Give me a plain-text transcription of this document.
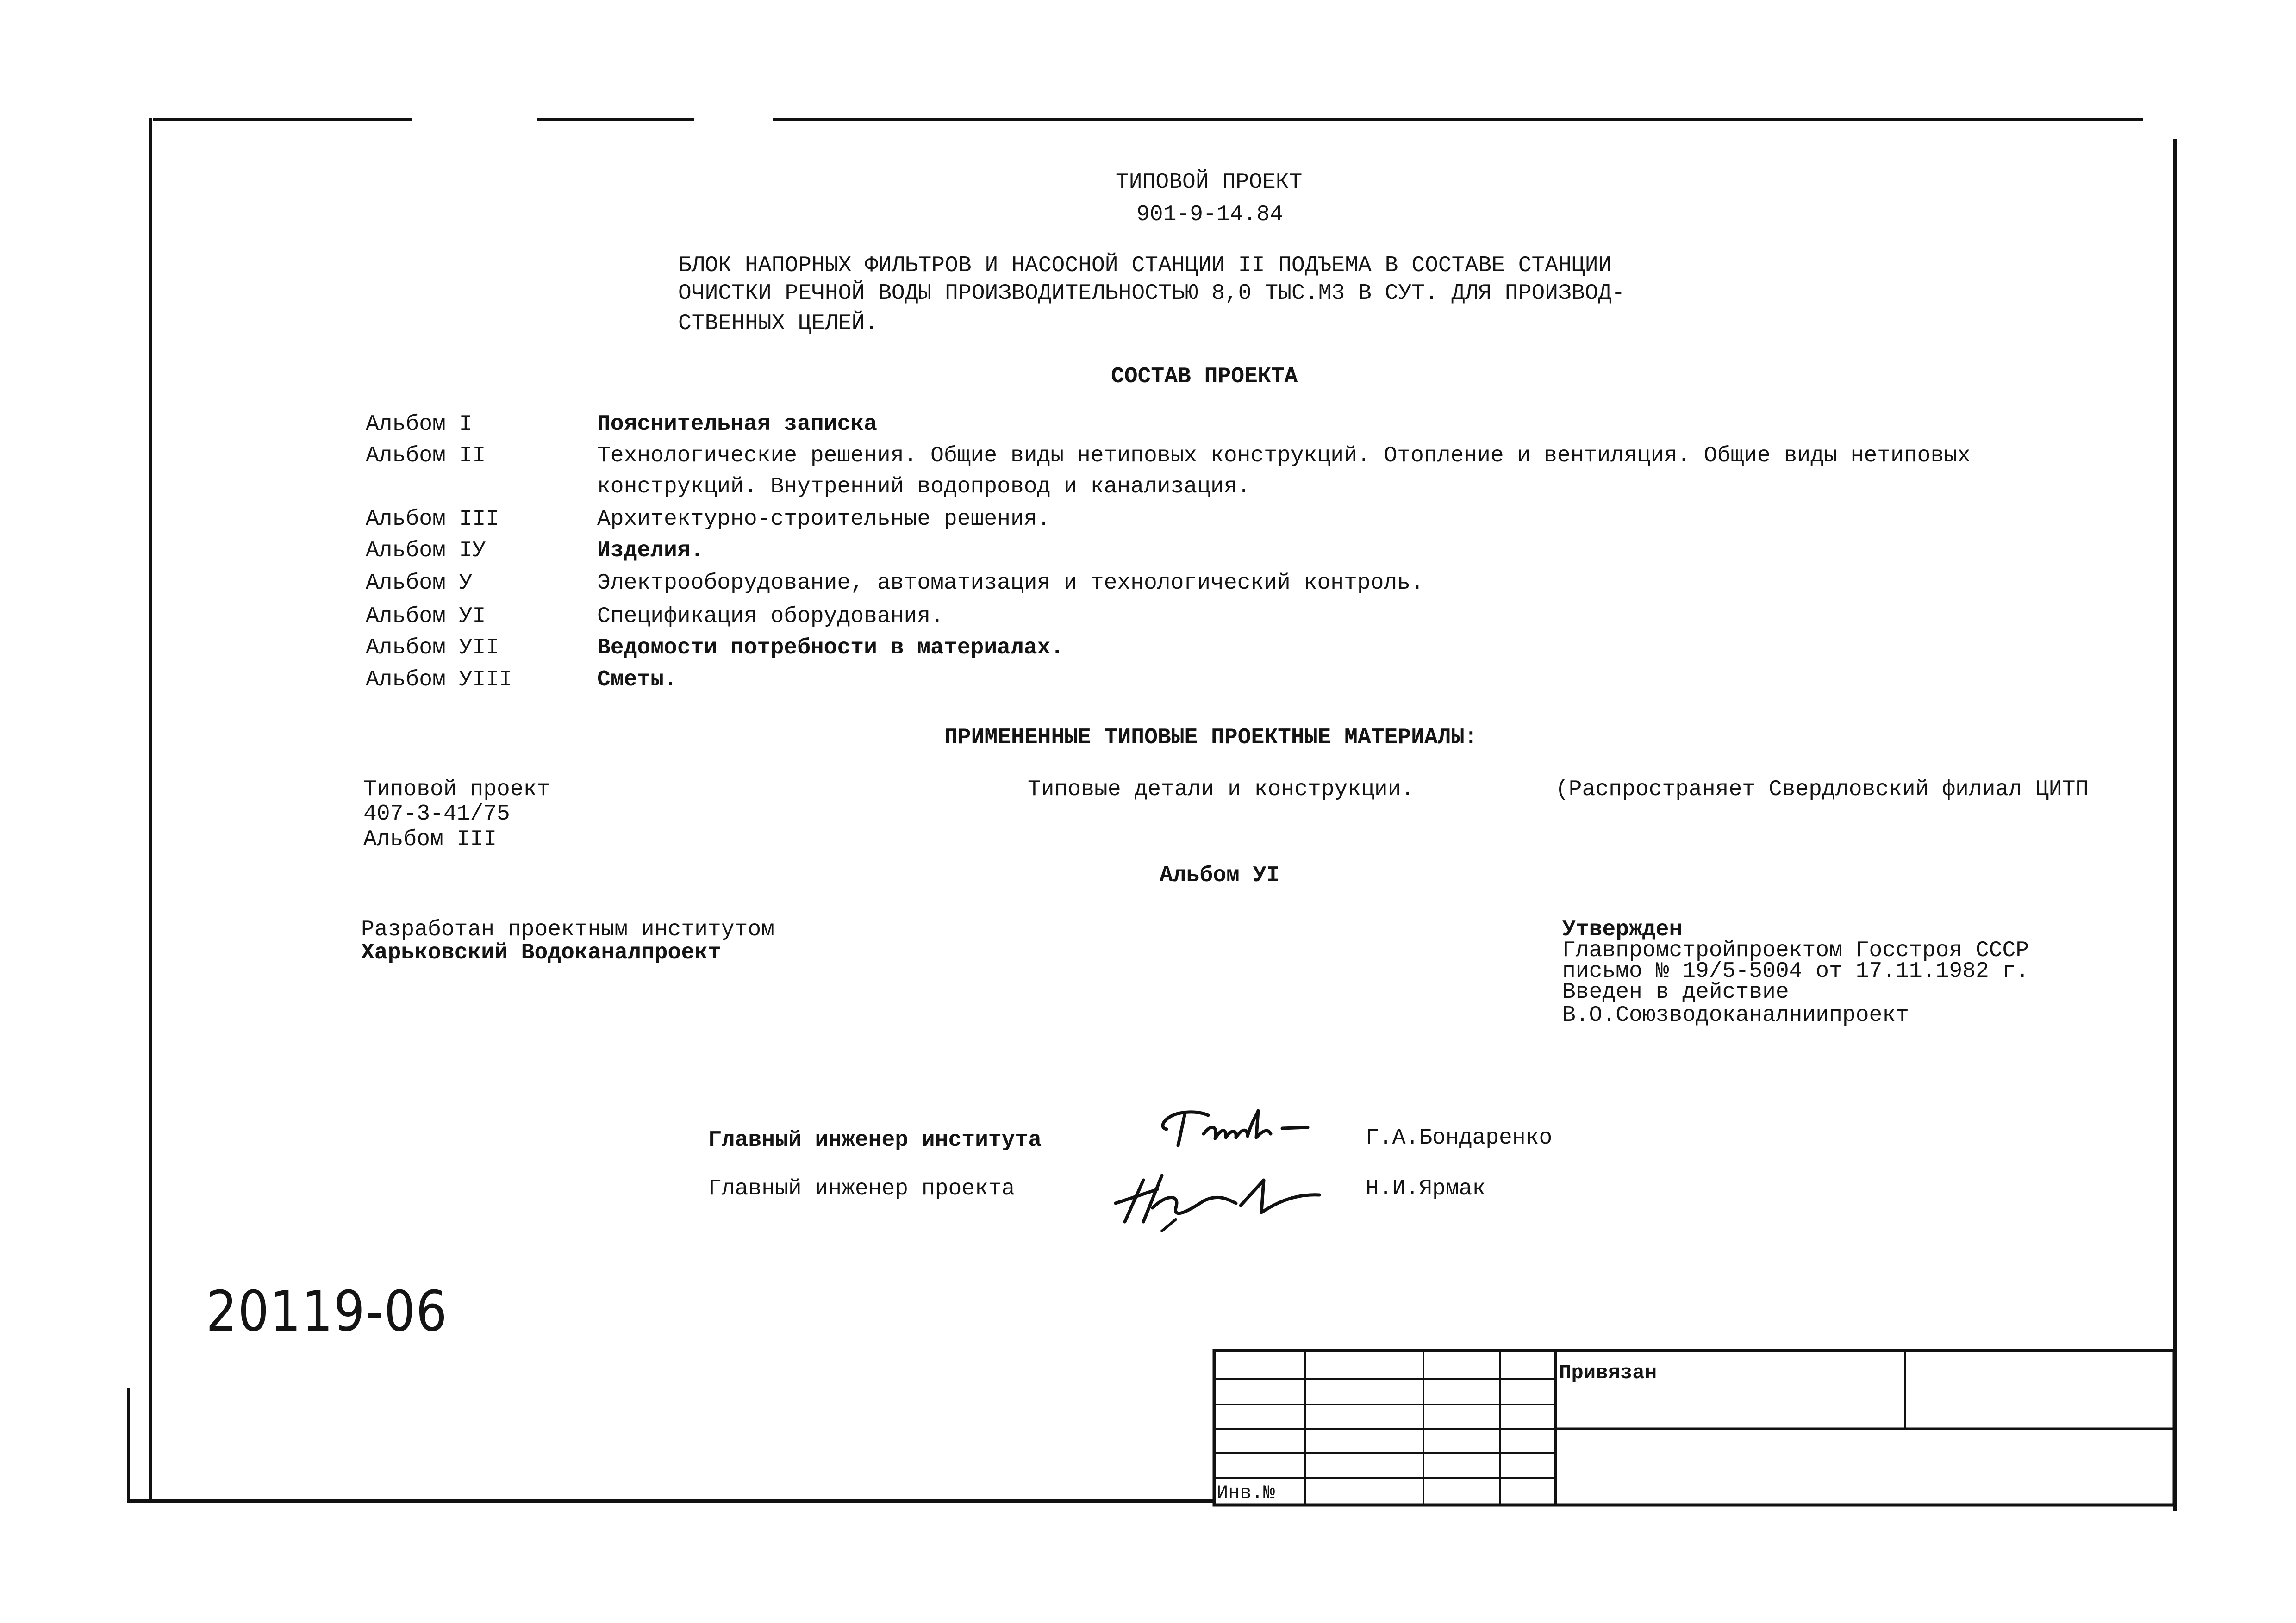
ТИПОВОЙ ПРОЕКТ
901-9-14.84
БЛОК НАПОРНЫХ ФИЛЬТРОВ И НАСОСНОЙ СТАНЦИИ II ПОДЪЕМА В СОСТАВЕ СТАНЦИИ
ОЧИСТКИ РЕЧНОЙ ВОДЫ ПРОИЗВОДИТЕЛЬНОСТЬЮ 8,0 ТЫС.М3 В СУТ. ДЛЯ ПРОИЗВОД-
СТВЕННЫХ ЦЕЛЕЙ.
СОСТАВ ПРОЕКТА
Альбом I	Пояснительная записка
Альбом II	Технологические решения. Общие виды нетиповых конструкций. Отопление и вентиляция. Общие виды нетиповых
конструкций. Внутренний водопровод и канализация.
Альбом III	Архитектурно-строительные решения.
Альбом IУ	Изделия.
Альбом У	Электрооборудование, автоматизация и технологический контроль.
Альбом УI	Спецификация оборудования.
Альбом УII	Ведомости потребности в материалах.
Альбом УIII	Сметы.
ПРИМЕНЕННЫЕ ТИПОВЫЕ ПРОЕКТНЫЕ МАТЕРИАЛЫ:
Типовой проект
407-3-41/75
Альбом III
Типовые детали и конструкции.	(Распространяет Свердловский филиал ЦИТП
Альбом УI
Разработан проектным институтом
Харьковский Водоканалпроект
Утвержден
Главпромстройпроектом Госстроя СССР
письмо № 19/5-5004 от 17.11.1982 г.
Введен в действие
В.О.Союзводоканалниипроект
Главный инженер института	Г.А.Бондаренко
Главный инженер проекта	Н.И.Ярмак
20119-06
Привязан
Инв.№
